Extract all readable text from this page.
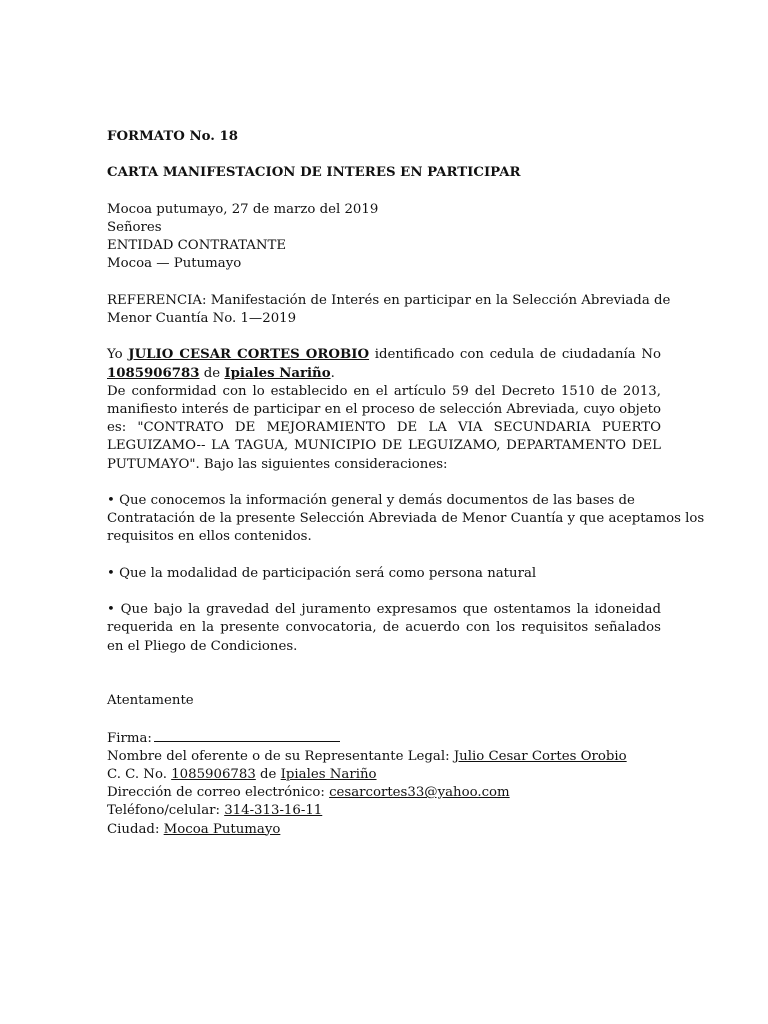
FORMATO No. 18

CARTA MANIFESTACION DE INTERES EN PARTICIPAR

Mocoa putumayo, 27 de marzo del 2019

Señores

ENTIDAD CONTRATANTE

Mocoa — Putumayo

REFERENCIA: Manifestación de Interés en participar en la Selección Abreviada de

Menor Cuantía No. 1—2019

Yo JULIO CESAR CORTES OROBIO identificado con cedula de ciudadanía No

1085906783 de Ipiales Nariño.

De conformidad con lo establecido en el artículo 59 del Decreto 1510 de 2013, manifiesto interés de participar en el proceso de selección Abreviada, cuyo objeto es: "CONTRATO DE MEJORAMIENTO DE LA VIA SECUNDARIA PUERTO LEGUIZAMO-- LA TAGUA, MUNICIPIO DE LEGUIZAMO, DEPARTAMENTO DEL PUTUMAYO". Bajo las siguientes consideraciones:

• Que conocemos la información general y demás documentos de las bases de

Contratación de la presente Selección Abreviada de Menor Cuantía y que aceptamos los

requisitos en ellos contenidos.

• Que la modalidad de participación será como persona natural

• Que bajo la gravedad del juramento expresamos que ostentamos la idoneidad requerida en la presente convocatoria, de acuerdo con los requisitos señalados en el Pliego de Condiciones.

Atentamente

Firma:

Nombre del oferente o de su Representante Legal: Julio Cesar Cortes Orobio

C. C. No. 1085906783 de Ipiales Nariño

Dirección de correo electrónico: cesarcortes33@yahoo.com

Teléfono/celular: 314-313-16-11

Ciudad: Mocoa Putumayo
